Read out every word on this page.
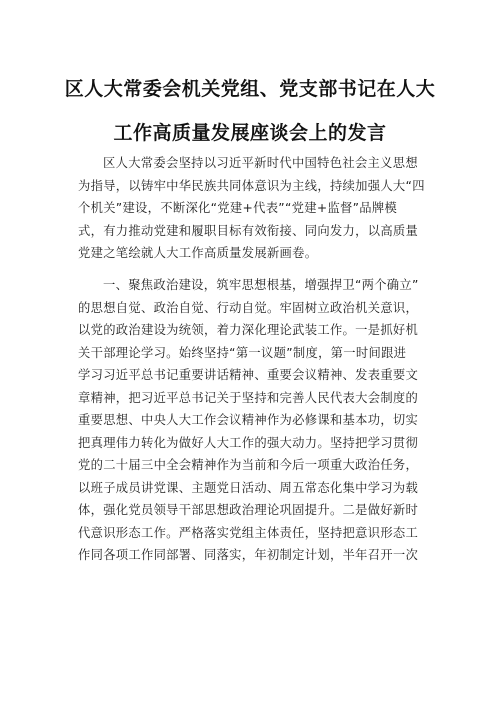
区人大常委会机关党组、党支部书记在人大
工作高质量发展座谈会上的发言
区人大常委会坚持以习近平新时代中国特色社会主义思想
为指导，以铸牢中华民族共同体意识为主线，持续加强人大“四
个机关”建设，不断深化“党建+代表”“党建+监督”品牌模
式，有力推动党建和履职目标有效衔接、同向发力，以高质量
党建之笔绘就人大工作高质量发展新画卷。
一、聚焦政治建设，筑牢思想根基，增强捍卫“两个确立”
的思想自觉、政治自觉、行动自觉。牢固树立政治机关意识，
以党的政治建设为统领，着力深化理论武装工作。一是抓好机
关干部理论学习。始终坚持“第一议题”制度，第一时间跟进
学习习近平总书记重要讲话精神、重要会议精神、发表重要文
章精神，把习近平总书记关于坚持和完善人民代表大会制度的
重要思想、中央人大工作会议精神作为必修课和基本功，切实
把真理伟力转化为做好人大工作的强大动力。坚持把学习贯彻
党的二十届三中全会精神作为当前和今后一项重大政治任务，
以班子成员讲党课、主题党日活动、周五常态化集中学习为载
体，强化党员领导干部思想政治理论巩固提升。二是做好新时
代意识形态工作。严格落实党组主体责任，坚持把意识形态工
作同各项工作同部署、同落实，年初制定计划，半年召开一次
